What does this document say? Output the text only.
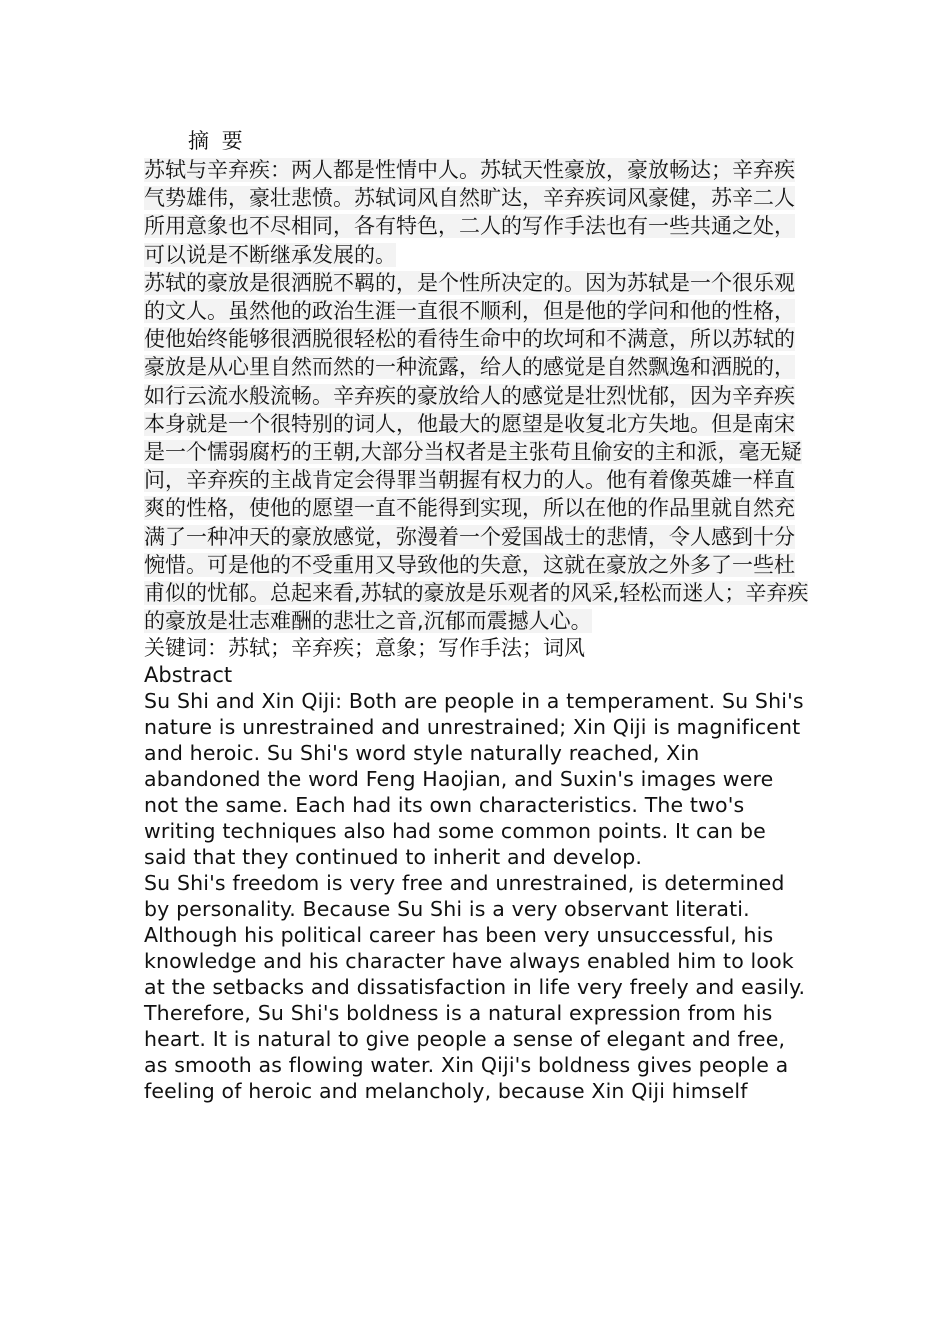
摘 要

苏轼与辛弃疾：两人都是性情中人。苏轼天性豪放，豪放畅达；辛弃疾气势雄伟，豪壮悲愤。苏轼词风自然旷达，辛弃疾词风豪健，苏辛二人所用意象也不尽相同，各有特色，二人的写作手法也有一些共通之处，可以说是不断继承发展的。

苏轼的豪放是很洒脱不羁的，是个性所决定的。因为苏轼是一个很乐观的文人。虽然他的政治生涯一直很不顺利，但是他的学问和他的性格，使他始终能够很洒脱很轻松的看待生命中的坎坷和不满意，所以苏轼的豪放是从心里自然而然的一种流露，给人的感觉是自然飘逸和洒脱的，如行云流水般流畅。辛弃疾的豪放给人的感觉是壮烈忧郁，因为辛弃疾本身就是一个很特别的词人，他最大的愿望是收复北方失地。但是南宋是一个懦弱腐朽的王朝,大部分当权者是主张苟且偷安的主和派，毫无疑问，辛弃疾的主战肯定会得罪当朝握有权力的人。他有着像英雄一样直爽的性格，使他的愿望一直不能得到实现，所以在他的作品里就自然充满了一种冲天的豪放感觉，弥漫着一个爱国战士的悲情，令人感到十分惋惜。可是他的不受重用又导致他的失意，这就在豪放之外多了一些杜甫似的忧郁。总起来看,苏轼的豪放是乐观者的风采,轻松而迷人；辛弃疾的豪放是壮志难酬的悲壮之音,沉郁而震撼人心。

关键词：苏轼；辛弃疾；意象；写作手法；词风

Abstract

Su Shi and Xin Qiji: Both are people in a temperament. Su Shi's nature is unrestrained and unrestrained; Xin Qiji is magnificent and heroic. Su Shi's word style naturally reached, Xin abandoned the word Feng Haojian, and Suxin's images were not the same. Each had its own characteristics. The two's writing techniques also had some common points. It can be said that they continued to inherit and develop.

Su Shi's freedom is very free and unrestrained, is determined by personality. Because Su Shi is a very observant literati. Although his political career has been very unsuccessful, his knowledge and his character have always enabled him to look at the setbacks and dissatisfaction in life very freely and easily. Therefore, Su Shi's boldness is a natural expression from his heart. It is natural to give people a sense of elegant and free, as smooth as flowing water. Xin Qiji's boldness gives people a feeling of heroic and melancholy, because Xin Qiji himself
